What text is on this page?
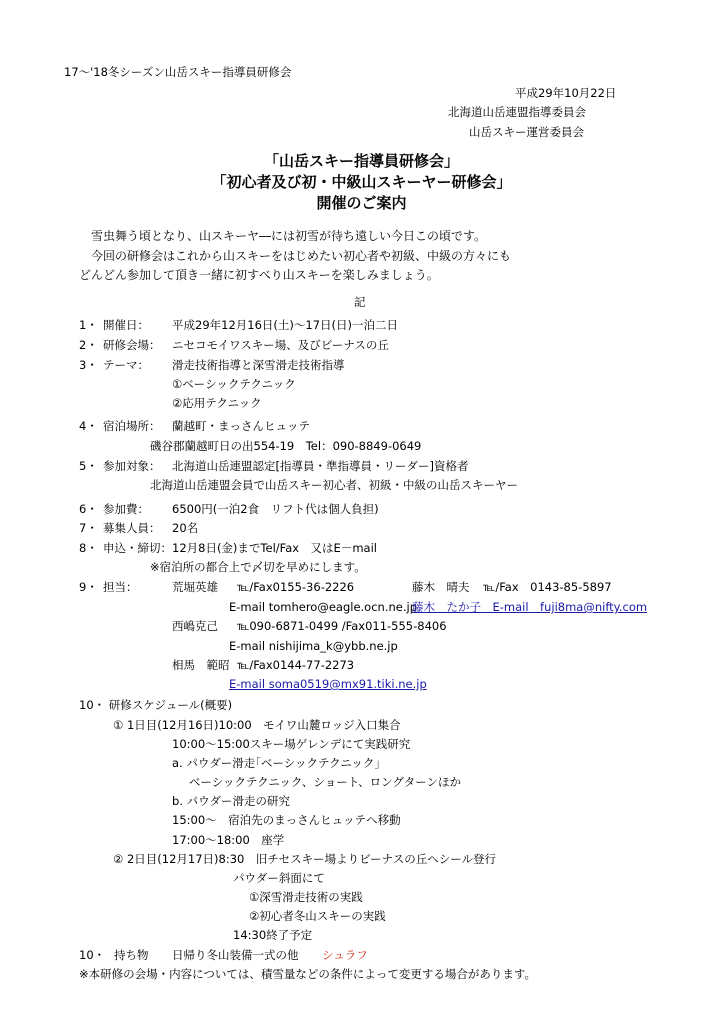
17～'18冬シーズン山岳スキー指導員研修会
平成29年10月22日
北海道山岳連盟指導委員会
山岳スキー運営委員会
「山岳スキー指導員研修会」
「初心者及び初・中級山スキーヤー研修会」
開催のご案内
雪虫舞う頃となり、山スキーヤ―には初雪が待ち遠しい今日この頃です。
今回の研修会はこれから山スキーをはじめたい初心者や初級、中級の方々にも
どんどん参加して頂き一緒に初すべり山スキーを楽しみましょう。
記
1・ 開催日： 平成29年12月16日(土)～17日(日)一泊二日
2・ 研修会場： ニセコモイワスキー場、及びビーナスの丘
3・ テーマ： 滑走技術指導と深雪滑走技術指導
①ベーシックテクニック
②応用テクニック
4・ 宿泊場所： 蘭越町・まっさんヒュッテ
磯谷郡蘭越町日の出554-19　Tel：090-8849-0649
5・ 参加対象： 北海道山岳連盟認定[指導員・準指導員・リーダー]資格者
北海道山岳連盟会員で山岳スキー初心者、初級・中級の山岳スキーヤー
6・ 参加費： 6500円(一泊2食　リフト代は個人負担)
7・ 募集人員： 20名
8・ 申込・締切： 12月8日(金)までTel/Fax　又はE－mail
※宿泊所の都合上で〆切を早めにします。
9・ 担当：	荒堀英雄 ℡/Fax0155-36-2226	藤木　晴夫 ℡/Fax　0143-85-5897
E-mail tomhero@eagle.ocn.ne.jp
藤木　たか子　E-mail　fuji8ma@nifty.com
西嶋克己 ℡090-6871-0499 /Fax011-555-8406
E-mail nishijima_k@ybb.ne.jp
相馬　範昭 ℡/Fax0144-77-2273
E-mail soma0519@mx91.tiki.ne.jp
10・ 研修スケジュール(概要)
① 1日目(12月16日)10:00　モイワ山麓ロッジ入口集合
10:00～15:00スキー場ゲレンデにて実践研究
a. パウダー滑走｢ベーシックテクニック｣
ベーシックテクニック、ショート、ロングターンほか
b. パウダー滑走の研究
15:00～　宿泊先のまっさんヒュッテへ移動
17:00～18:00　座学
② 2日目(12月17日)8:30　旧チセスキー場よりビーナスの丘へシール登行
パウダー斜面にて
①深雪滑走技術の実践
②初心者冬山スキーの実践
14:30終了予定
10・ 持ち物 日帰り冬山装備一式の他 シュラフ
※本研修の会場・内容については、積雪量などの条件によって変更する場合があります。
